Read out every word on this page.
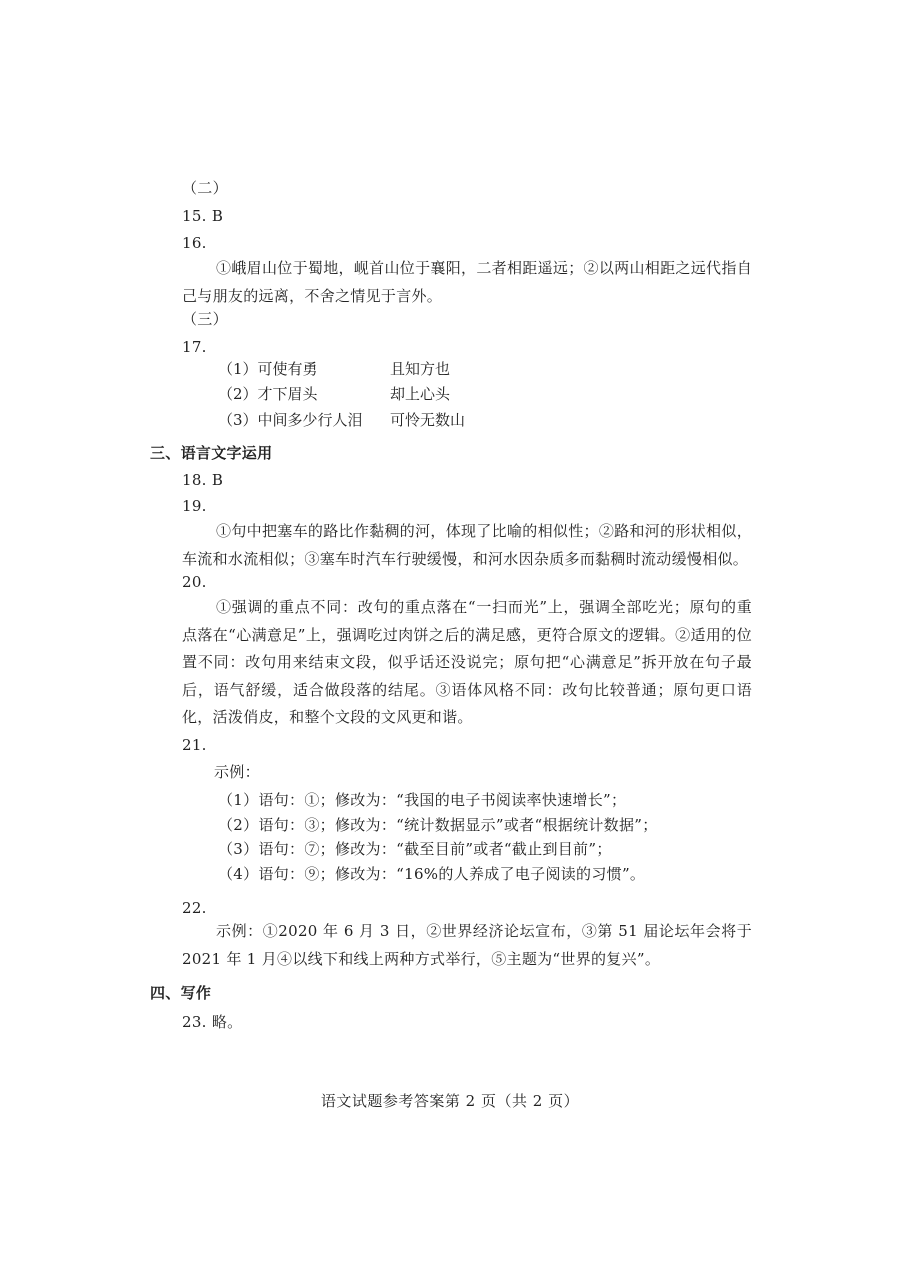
（二）
15. B
16.
①峨眉山位于蜀地，岘首山位于襄阳，二者相距遥远；②以两山相距之远代指自己与朋友的远离，不舍之情见于言外。
（三）
17.
（1）可使有勇	且知方也
（2）才下眉头	却上心头
（3）中间多少行人泪 可怜无数山
三、语言文字运用
18. B
19.
①句中把塞车的路比作黏稠的河，体现了比喻的相似性；②路和河的形状相似，车流和水流相似；③塞车时汽车行驶缓慢，和河水因杂质多而黏稠时流动缓慢相似。
20.
①强调的重点不同：改句的重点落在“一扫而光”上，强调全部吃光；原句的重点落在“心满意足”上，强调吃过肉饼之后的满足感，更符合原文的逻辑。②适用的位置不同：改句用来结束文段，似乎话还没说完；原句把“心满意足”拆开放在句子最后，语气舒缓，适合做段落的结尾。③语体风格不同：改句比较普通；原句更口语化，活泼俏皮，和整个文段的文风更和谐。
21.
示例：
（1）语句：①；修改为：“我国的电子书阅读率快速增长”；
（2）语句：③；修改为：“统计数据显示”或者“根据统计数据”；
（3）语句：⑦；修改为：“截至目前”或者“截止到目前”；
（4）语句：⑨；修改为：“16%的人养成了电子阅读的习惯”。
22.
示例：①2020 年 6 月 3 日，②世界经济论坛宣布，③第 51 届论坛年会将于 2021 年 1 月④以线下和线上两种方式举行，⑤主题为“世界的复兴”。
四、写作
23. 略。
语文试题参考答案第 2 页（共 2 页）
